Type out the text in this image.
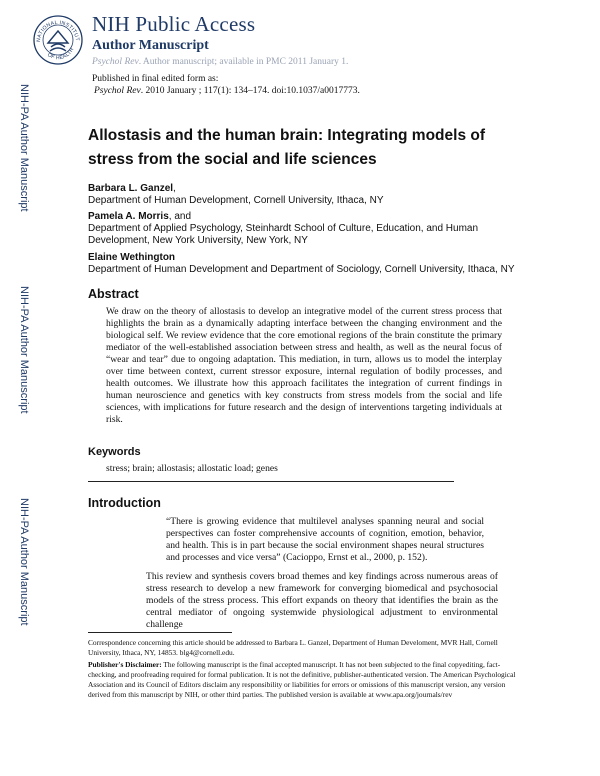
NATIONAL INSTITUT
OF HEALTH
NIH Public Access
Author Manuscript
Psychol Rev. Author manuscript; available in PMC 2011 January 1.
Published in final edited form as:
Psychol Rev. 2010 January ; 117(1): 134–174. doi:10.1037/a0017773.
NIH-PA Author Manuscript
NIH-PA Author Manuscript
NIH-PA Author Manuscript
Allostasis and the human brain: Integrating models of stress from the social and life sciences
Barbara L. Ganzel,
Department of Human Development, Cornell University, Ithaca, NY
Pamela A. Morris, and
Department of Applied Psychology, Steinhardt School of Culture, Education, and Human Development, New York University, New York, NY
Elaine Wethington
Department of Human Development and Department of Sociology, Cornell University, Ithaca, NY
Abstract
We draw on the theory of allostasis to develop an integrative model of the current stress process that highlights the brain as a dynamically adapting interface between the changing environment and the biological self. We review evidence that the core emotional regions of the brain constitute the primary mediator of the well-established association between stress and health, as well as the neural focus of “wear and tear” due to ongoing adaptation. This mediation, in turn, allows us to model the interplay over time between context, current stressor exposure, internal regulation of bodily processes, and health outcomes. We illustrate how this approach facilitates the integration of current findings in human neuroscience and genetics with key constructs from stress models from the social and life sciences, with implications for future research and the design of interventions targeting individuals at risk.
Keywords
stress; brain; allostasis; allostatic load; genes
Introduction
“There is growing evidence that multilevel analyses spanning neural and social perspectives can foster comprehensive accounts of cognition, emotion, behavior, and health. This is in part because the social environment shapes neural structures and processes and vice versa” (Cacioppo, Ernst et al., 2000, p. 152).
This review and synthesis covers broad themes and key findings across numerous areas of stress research to develop a new framework for converging biomedical and psychosocial models of the stress process. This effort expands on theory that identifies the brain as the central mediator of ongoing systemwide physiological adjustment to environmental challenge
Correspondence concerning this article should be addressed to Barbara L. Ganzel, Department of Human Develoment, MVR Hall, Cornell University, Ithaca, NY, 14853. blg4@cornell.edu.
Publisher's Disclaimer: The following manuscript is the final accepted manuscript. It has not been subjected to the final copyediting, fact-checking, and proofreading required for formal publication. It is not the definitive, publisher-authenticated version. The American Psychological Association and its Council of Editors disclaim any responsibility or liabilities for errors or omissions of this manuscript version, any version derived from this manuscript by NIH, or other third parties. The published version is available at www.apa.org/journals/rev
